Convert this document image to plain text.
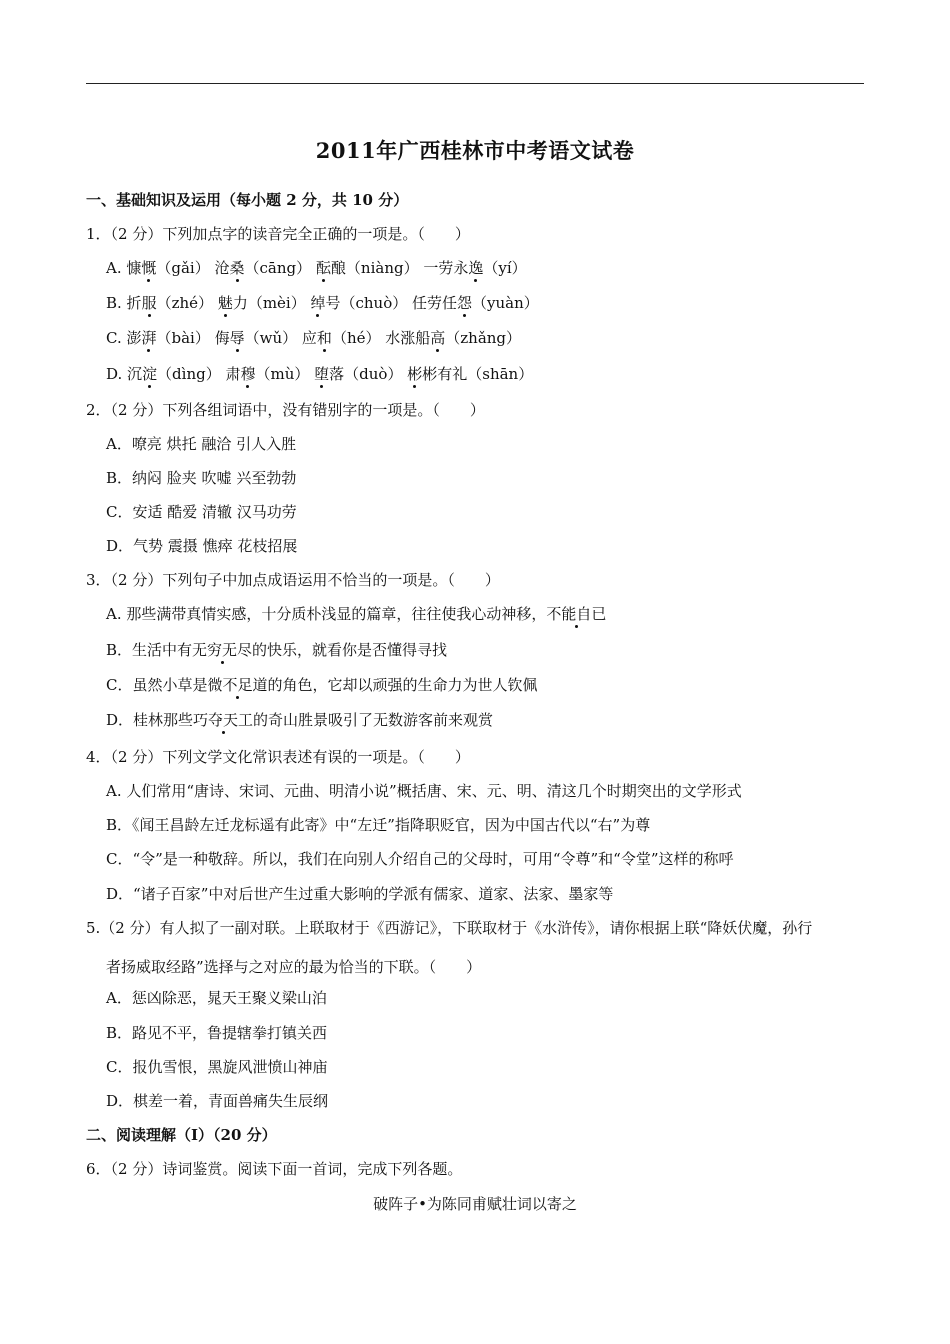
2011年广西桂林市中考语文试卷
一、基础知识及运用（每小题 2 分，共 10 分）
1．（2 分）下列加点字的读音完全正确的一项是。（　　）
A. 慷慨（gǎi） 沧桑（cāng） 酝酿（niàng） 一劳永逸（yí）
B. 折服（zhé） 魅力（mèi） 绰号（chuò） 任劳任怨（yuàn）
C. 澎湃（bài） 侮辱（wǔ） 应和（hé） 水涨船高（zhǎng）
D. 沉淀（dìng） 肃穆（mù） 堕落（duò） 彬彬有礼（shān）
2．（2 分）下列各组词语中，没有错别字的一项是。（　　）
A．嘹亮 烘托 融洽 引人入胜
B．纳闷 脸夹 吹嘘 兴至勃勃
C．安适 酷爱 清辙 汉马功劳
D．气势 震摄 憔瘁 花枝招展
3．（2 分）下列句子中加点成语运用不恰当的一项是。（　　）
A. 那些满带真情实感，十分质朴浅显的篇章，往往使我心动神移，不能自已
B．生活中有无穷无尽的快乐，就看你是否懂得寻找
C．虽然小草是微不足道的角色，它却以顽强的生命力为世人钦佩
D．桂林那些巧夺天工的奇山胜景吸引了无数游客前来观赏
4．（2 分）下列文学文化常识表述有误的一项是。（　　）
A. 人们常用“唐诗、宋词、元曲、明清小说”概括唐、宋、元、明、清这几个时期突出的文学形式
B．《闻王昌龄左迁龙标遥有此寄》中“左迁”指降职贬官，因为中国古代以“右”为尊
C．“令”是一种敬辞。所以，我们在向别人介绍自己的父母时，可用“令尊”和“令堂”这样的称呼
D．“诸子百家”中对后世产生过重大影响的学派有儒家、道家、法家、墨家等
5.（2 分）有人拟了一副对联。上联取材于《西游记》，下联取材于《水浒传》，请你根据上联“降妖伏魔，孙行
者扬威取经路”选择与之对应的最为恰当的下联。（　　）
A．惩凶除恶，晁天王聚义梁山泊
B．路见不平，鲁提辖拳打镇关西
C．报仇雪恨，黑旋风泄愤山神庙
D．棋差一着，青面兽痛失生辰纲
二、阅读理解（Ⅰ）（20 分）
6．（2 分）诗词鉴赏。阅读下面一首词，完成下列各题。
破阵子•为陈同甫赋壮词以寄之
